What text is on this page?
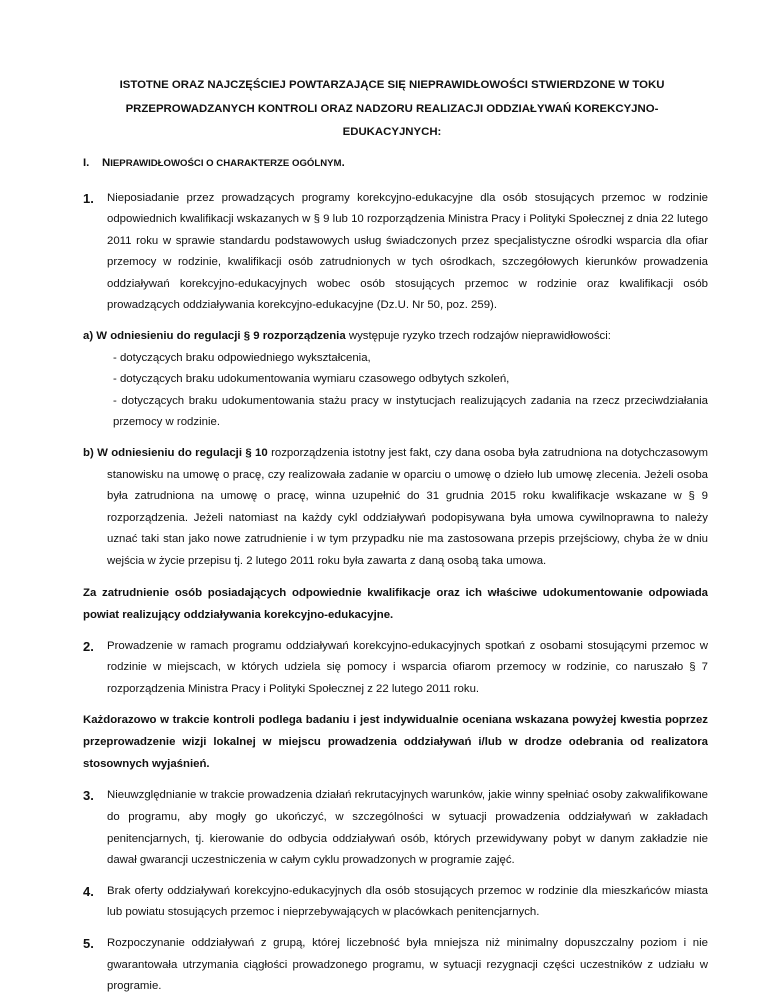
ISTOTNE ORAZ NAJCZĘŚCIEJ POWTARZAJĄCE SIĘ NIEPRAWIDŁOWOŚCI STWIERDZONE W TOKU
PRZEPROWADZANYCH KONTROLI ORAZ NADZORU REALIZACJI ODDZIAŁYWAŃ KOREKCYJNO-
EDUKACYJNYCH:
I.	NIEPRAWIDŁOWOŚCI O CHARAKTERZE OGÓLNYM.
1.	Nieposiadanie przez prowadzących programy korekcyjno-edukacyjne dla osób stosujących przemoc w rodzinie odpowiednich kwalifikacji wskazanych w § 9 lub 10 rozporządzenia Ministra Pracy i Polityki Społecznej z dnia 22 lutego 2011 roku w sprawie standardu podstawowych usług świadczonych przez specjalistyczne ośrodki wsparcia dla ofiar przemocy w rodzinie, kwalifikacji osób zatrudnionych w tych ośrodkach, szczegółowych kierunków prowadzenia oddziaływań korekcyjno-edukacyjnych wobec osób stosujących przemoc w rodzinie oraz kwalifikacji osób prowadzących oddziaływania korekcyjno-edukacyjne (Dz.U. Nr 50, poz. 259).
a) W odniesieniu do regulacji § 9 rozporządzenia występuje ryzyko trzech rodzajów nieprawidłowości:
- dotyczących braku odpowiedniego wykształcenia,
- dotyczących braku udokumentowania wymiaru czasowego odbytych szkoleń,
- dotyczących braku udokumentowania stażu pracy w instytucjach realizujących zadania na rzecz przeciwdziałania przemocy w rodzinie.
b) W odniesieniu do regulacji § 10 rozporządzenia istotny jest fakt, czy dana osoba była zatrudniona na dotychczasowym stanowisku na umowę o pracę, czy realizowała zadanie w oparciu o umowę o dzieło lub umowę zlecenia. Jeżeli osoba była zatrudniona na umowę o pracę, winna uzupełnić do 31 grudnia 2015 roku kwalifikacje wskazane w § 9 rozporządzenia. Jeżeli natomiast na każdy cykl oddziaływań podopisywana była umowa cywilnoprawna to należy uznać taki stan jako nowe zatrudnienie i w tym przypadku nie ma zastosowana przepis przejściowy, chyba że w dniu wejścia w życie przepisu tj. 2 lutego 2011 roku była zawarta z daną osobą taka umowa.
Za zatrudnienie osób posiadających odpowiednie kwalifikacje oraz ich właściwe udokumentowanie odpowiada powiat realizujący oddziaływania korekcyjno-edukacyjne.
2.	Prowadzenie w ramach programu oddziaływań korekcyjno-edukacyjnych spotkań z osobami stosującymi przemoc w rodzinie w miejscach, w których udziela się pomocy i wsparcia ofiarom przemocy w rodzinie, co naruszało § 7 rozporządzenia Ministra Pracy i Polityki Społecznej z 22 lutego 2011 roku.
Każdorazowo w trakcie kontroli podlega badaniu i jest indywidualnie oceniana wskazana powyżej kwestia poprzez przeprowadzenie wizji lokalnej w miejscu prowadzenia oddziaływań i/lub w drodze odebrania od realizatora stosownych wyjaśnień.
3.	Nieuwzględnianie w trakcie prowadzenia działań rekrutacyjnych warunków, jakie winny spełniać osoby zakwalifikowane do programu, aby mogły go ukończyć, w szczególności w sytuacji prowadzenia oddziaływań w zakładach penitencjarnych, tj. kierowanie do odbycia oddziaływań osób, których przewidywany pobyt w danym zakładzie nie dawał gwarancji uczestniczenia w całym cyklu prowadzonych w programie zajęć.
4.	Brak oferty oddziaływań korekcyjno-edukacyjnych dla osób stosujących przemoc w rodzinie dla mieszkańców miasta lub powiatu stosujących przemoc i nieprzebywających w placówkach penitencjarnych.
5.	Rozpoczynanie oddziaływań z grupą, której liczebność była mniejsza niż minimalny dopuszczalny poziom i nie gwarantowała utrzymania ciągłości prowadzonego programu, w sytuacji rezygnacji części uczestników z udziału w programie.
